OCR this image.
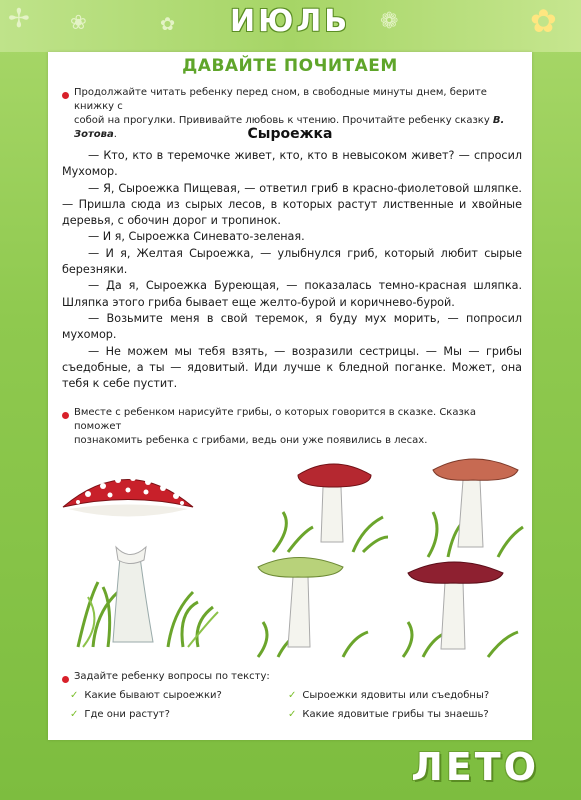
✢ ❀	✿	❁	✿
ИЮЛЬ
ДАВАЙТЕ ПОЧИТАЕМ
Продолжайте читать ребенку перед сном, в свободные минуты днем, берите книжку с
собой на прогулки. Прививайте любовь к чтению. Прочитайте ребенку сказку В. Зотова.	Сыроежка

— Кто, кто в теремочке живет, кто, кто в невысоком живет? — спросил Мухомор.

— Я, Сыроежка Пищевая, — ответил гриб в красно-фиолетовой шляпке. — Пришла сюда из сырых лесов, в которых растут лиственные и хвойные деревья, с обочин дорог и тропинок.

— И я, Сыроежка Синевато-зеленая.

— И я, Желтая Сыроежка, — улыбнулся гриб, который любит сырые березняки.

— Да я, Сыроежка Буреющая, — показалась темно-красная шляпка. Шляпка этого гриба бывает еще желто-бурой и коричнево-бурой.

— Возьмите меня в свой теремок, я буду мух морить, — попросил мухомор.

— Не можем мы тебя взять, — возразили сестрицы. — Мы — грибы съедобные, а ты — ядовитый. Иди лучше к бледной поганке. Может, она тебя к себе пустит.

Вместе с ребенком нарисуйте грибы, о которых говорится в сказке. Сказка поможет
познакомить ребенка с грибами, ведь они уже появились в лесах.
Задайте ребенку вопросы по тексту:
✓ Какие бывают сыроежки?
✓ Где они растут?
✓ Сыроежки ядовиты или съедобны?
✓ Какие ядовитые грибы ты знаешь?
ЛЕТО
